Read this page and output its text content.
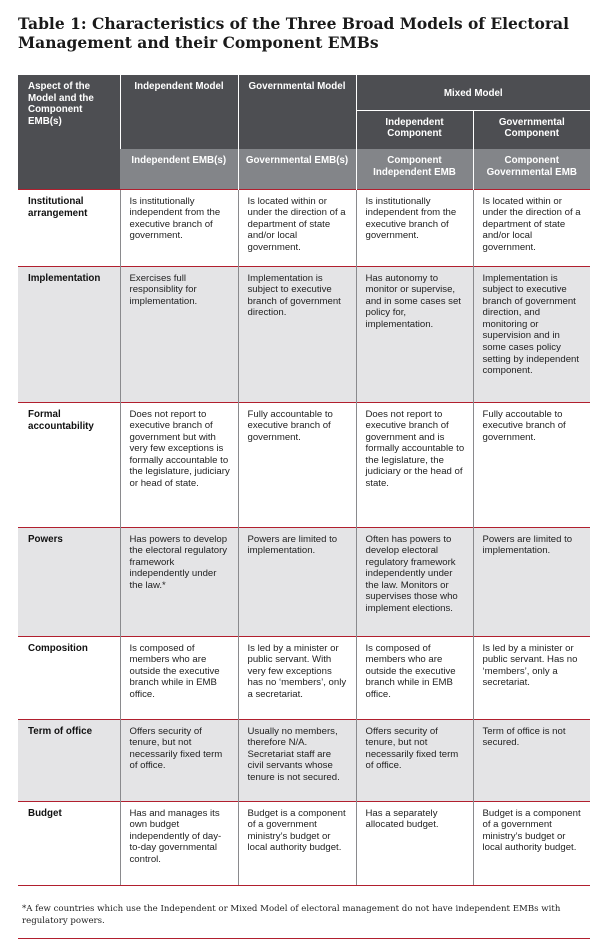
Table 1: Characteristics of the Three Broad Models of Electoral Management and their Component EMBs
Aspect of the Model and the Component EMB(s)	Independent Model	Governmental Model	Mixed Model	
			Independent Component	Governmental Component
	Independent EMB(s)	Governmental EMB(s)	Component Independent EMB	Component Governmental EMB
Institutional arrangement	Is institutionally independent from the executive branch of government.	Is located within or under the direction of a department of state and/or local government.	Is institutionally independent from the executive branch of government.	Is located within or under the direction of a department of state and/or local government.
Implementation	Exercises full responsiblity for implementation.	Implementation is subject to executive branch of government direction.	Has autonomy to monitor or supervise, and in some cases set policy for, implementation.	Implementation is subject to executive branch of government direction, and monitoring or supervision and in some cases policy setting by independent component.
Formal accountability	Does not report to executive branch of government but with very few exceptions is formally accountable to the legislature, judiciary or head of state.	Fully accountable to executive branch of government.	Does not report to executive branch of government and is formally accountable to the legislature, the judiciary or the head of state.	Fully accoutable to executive branch of government.
Powers	Has powers to develop the electoral regulatory framework independently under the law.*	Powers are limited to implementation.	Often has powers to develop electoral regulatory framework independently under the law. Monitors or supervises those who implement elections.	Powers are limited to implementation.
Composition	Is composed of members who are outside the executive branch while in EMB office.	Is led by a minister or public servant. With very few exceptions has no ‘members’, only a secretariat.	Is composed of members who are outside the executive branch while in EMB office.	Is led by a minister or public servant. Has no ‘members’, only a secretariat.
Term of office	Offers security of tenure, but not necessarily fixed term of office.	Usually no members, therefore N/A. Secretariat staff are civil servants whose tenure is not secured.	Offers security of tenure, but not necessarily fixed term of office.	Term of office is not secured.
Budget	Has and manages its own budget independently of day-to-day governmental control.	Budget is a component of a government ministry’s budget or local authority budget.	Has a separately allocated budget.	Budget is a component of a government ministry’s budget or local authority budget.

*A few countries which use the Independent or Mixed Model of electoral management do not have independent EMBs with regulatory powers.
